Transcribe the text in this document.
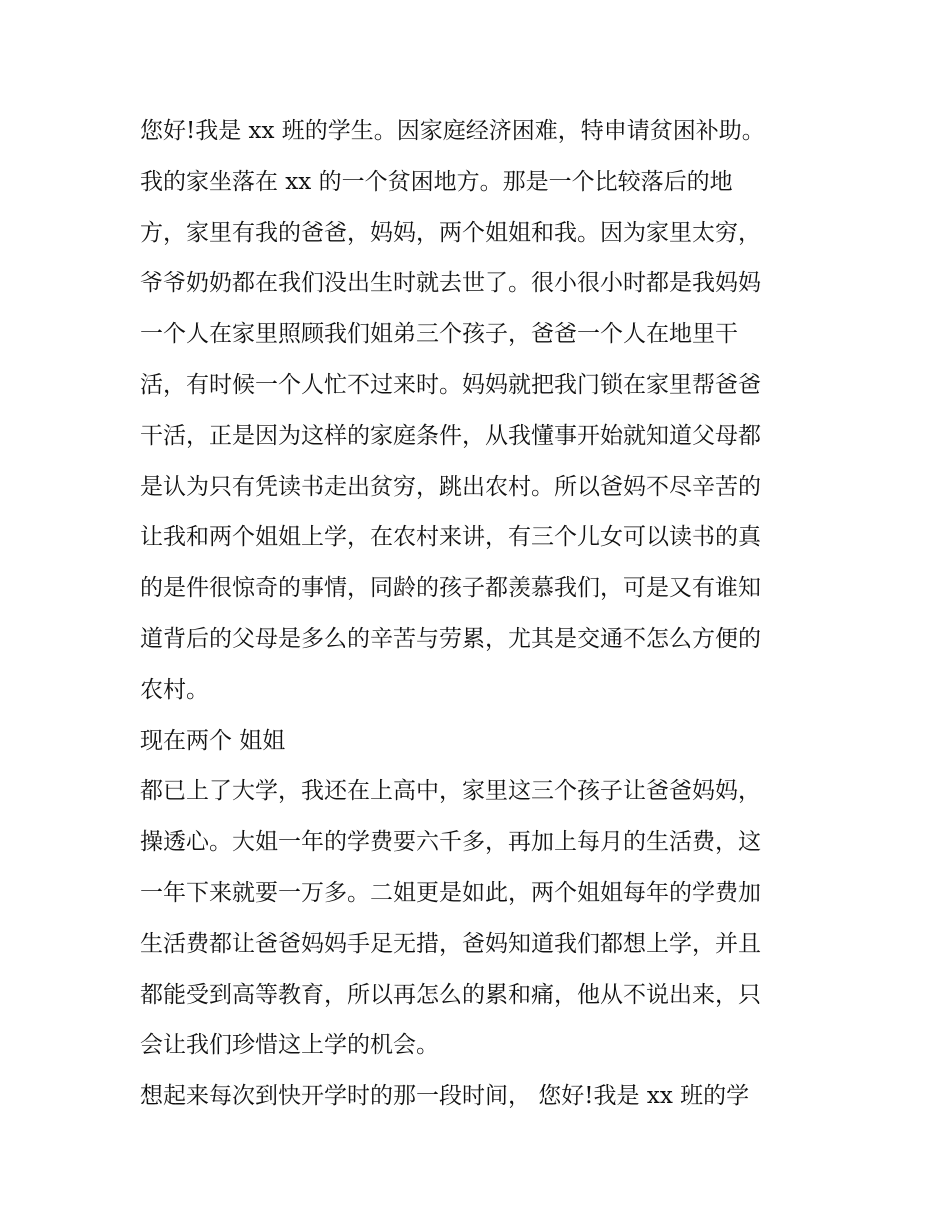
您好!我是 xx 班的学生。因家庭经济困难，特申请贫困补助。
我的家坐落在 xx 的一个贫困地方。那是一个比较落后的地
方，家里有我的爸爸，妈妈，两个姐姐和我。因为家里太穷，
爷爷奶奶都在我们没出生时就去世了。很小很小时都是我妈妈
一个人在家里照顾我们姐弟三个孩子，爸爸一个人在地里干
活，有时候一个人忙不过来时。妈妈就把我门锁在家里帮爸爸
干活，正是因为这样的家庭条件，从我懂事开始就知道父母都
是认为只有凭读书走出贫穷，跳出农村。所以爸妈不尽辛苦的
让我和两个姐姐上学，在农村来讲，有三个儿女可以读书的真
的是件很惊奇的事情，同龄的孩子都羡慕我们，可是又有谁知
道背后的父母是多么的辛苦与劳累，尤其是交通不怎么方便的
农村。
现在两个 姐姐
都已上了大学，我还在上高中，家里这三个孩子让爸爸妈妈，
操透心。大姐一年的学费要六千多，再加上每月的生活费，这
一年下来就要一万多。二姐更是如此，两个姐姐每年的学费加
生活费都让爸爸妈妈手足无措，爸妈知道我们都想上学，并且
都能受到高等教育，所以再怎么的累和痛，他从不说出来，只
会让我们珍惜这上学的机会。
想起来每次到快开学时的那一段时间， 您好!我是 xx 班的学
